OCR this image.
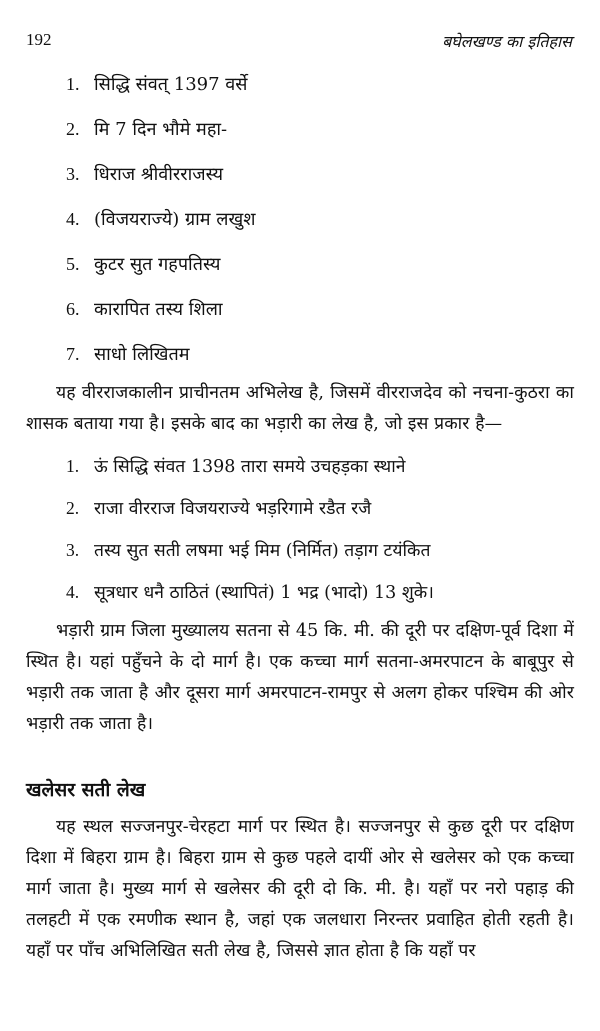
192	बघेलखण्ड का इतिहास
1. सिद्धि संवत् 1397 वर्से
2. मि 7 दिन भौमे महा-
3. धिराज श्रीवीरराजस्य
4. (विजयराज्ये) ग्राम लखुश
5. कुटर सुत गहपतिस्य
6. कारापित तस्य शिला
7. साधो लिखितम

यह वीरराजकालीन प्राचीनतम अभिलेख है, जिसमें वीरराजदेव को नचना-कुठरा का शासक बताया गया है। इसके बाद का भड़ारी का लेख है, जो इस प्रकार है—

1. ऊं सिद्धि संवत 1398 तारा समये उचहड़का स्थाने
2. राजा वीरराज विजयराज्ये भड़रिगामे रडैत रजै
3. तस्य सुत सती लषमा भई मिम (निर्मित) तड़ाग टयंकित
4. सूत्रधार धनै ठाठितं (स्थापितं) 1 भद्र (भादो) 13 शुके।

भड़ारी ग्राम जिला मुख्यालय सतना से 45 कि. मी. की दूरी पर दक्षिण-पूर्व दिशा में स्थित है। यहां पहुँचने के दो मार्ग है। एक कच्चा मार्ग सतना-अमरपाटन के बाबूपुर से भड़ारी तक जाता है और दूसरा मार्ग अमरपाटन-रामपुर से अलग होकर पश्चिम की ओर भड़ारी तक जाता है।

खलेसर सती लेख

यह स्थल सज्जनपुर-चेरहटा मार्ग पर स्थित है। सज्जनपुर से कुछ दूरी पर दक्षिण दिशा में बिहरा ग्राम है। बिहरा ग्राम से कुछ पहले दायीं ओर से खलेसर को एक कच्चा मार्ग जाता है। मुख्य मार्ग से खलेसर की दूरी दो कि. मी. है। यहाँ पर नरो पहाड़ की तलहटी में एक रमणीक स्थान है, जहां एक जलधारा निरन्तर प्रवाहित होती रहती है। यहाँ पर पाँच अभिलिखित सती लेख है, जिससे ज्ञात होता है कि यहाँ पर
